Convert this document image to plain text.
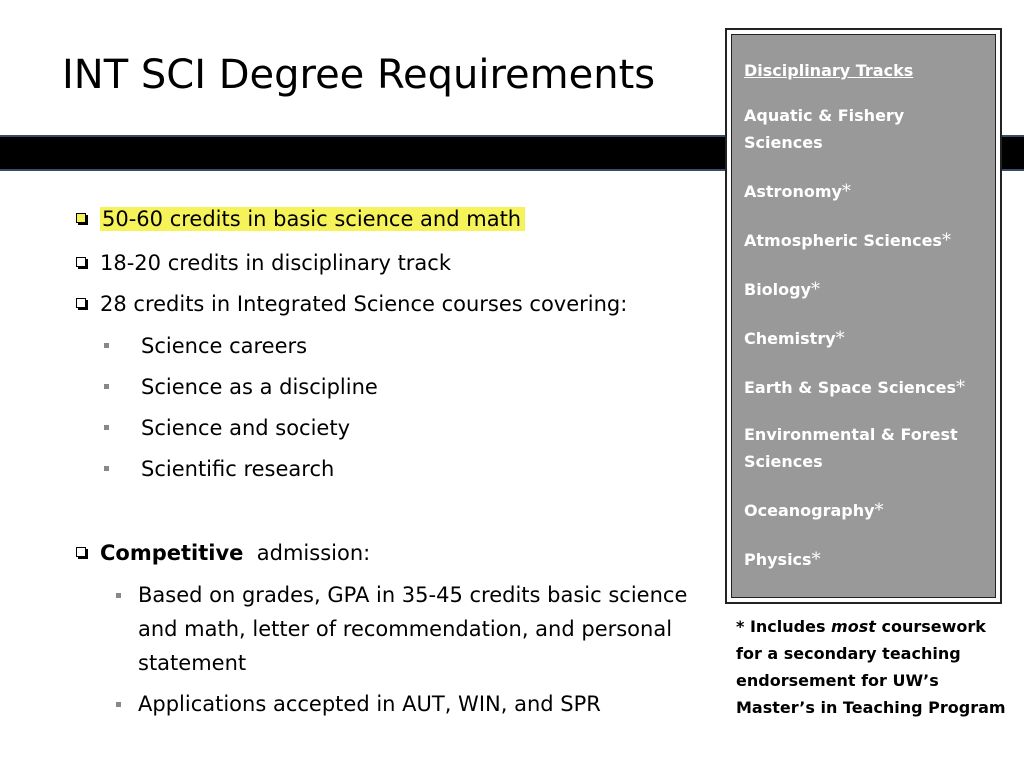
INT SCI Degree Requirements
50-60 credits in basic science and math
18-20 credits in disciplinary track
28 credits in Integrated Science courses covering:
Science careers
Science as a discipline
Science and society
Scientific research
Competitive admission:
Based on grades, GPA in 35-45 credits basic science and math, letter of recommendation, and personal statement
Applications accepted in AUT, WIN, and SPR
Disciplinary Tracks
Aquatic & Fishery Sciences
Astronomy*
Atmospheric Sciences*
Biology*
Chemistry*
Earth & Space Sciences*
Environmental & Forest Sciences
Oceanography*
Physics*
* Includes most coursework for a secondary teaching endorsement for UW’s Master’s in Teaching Program
